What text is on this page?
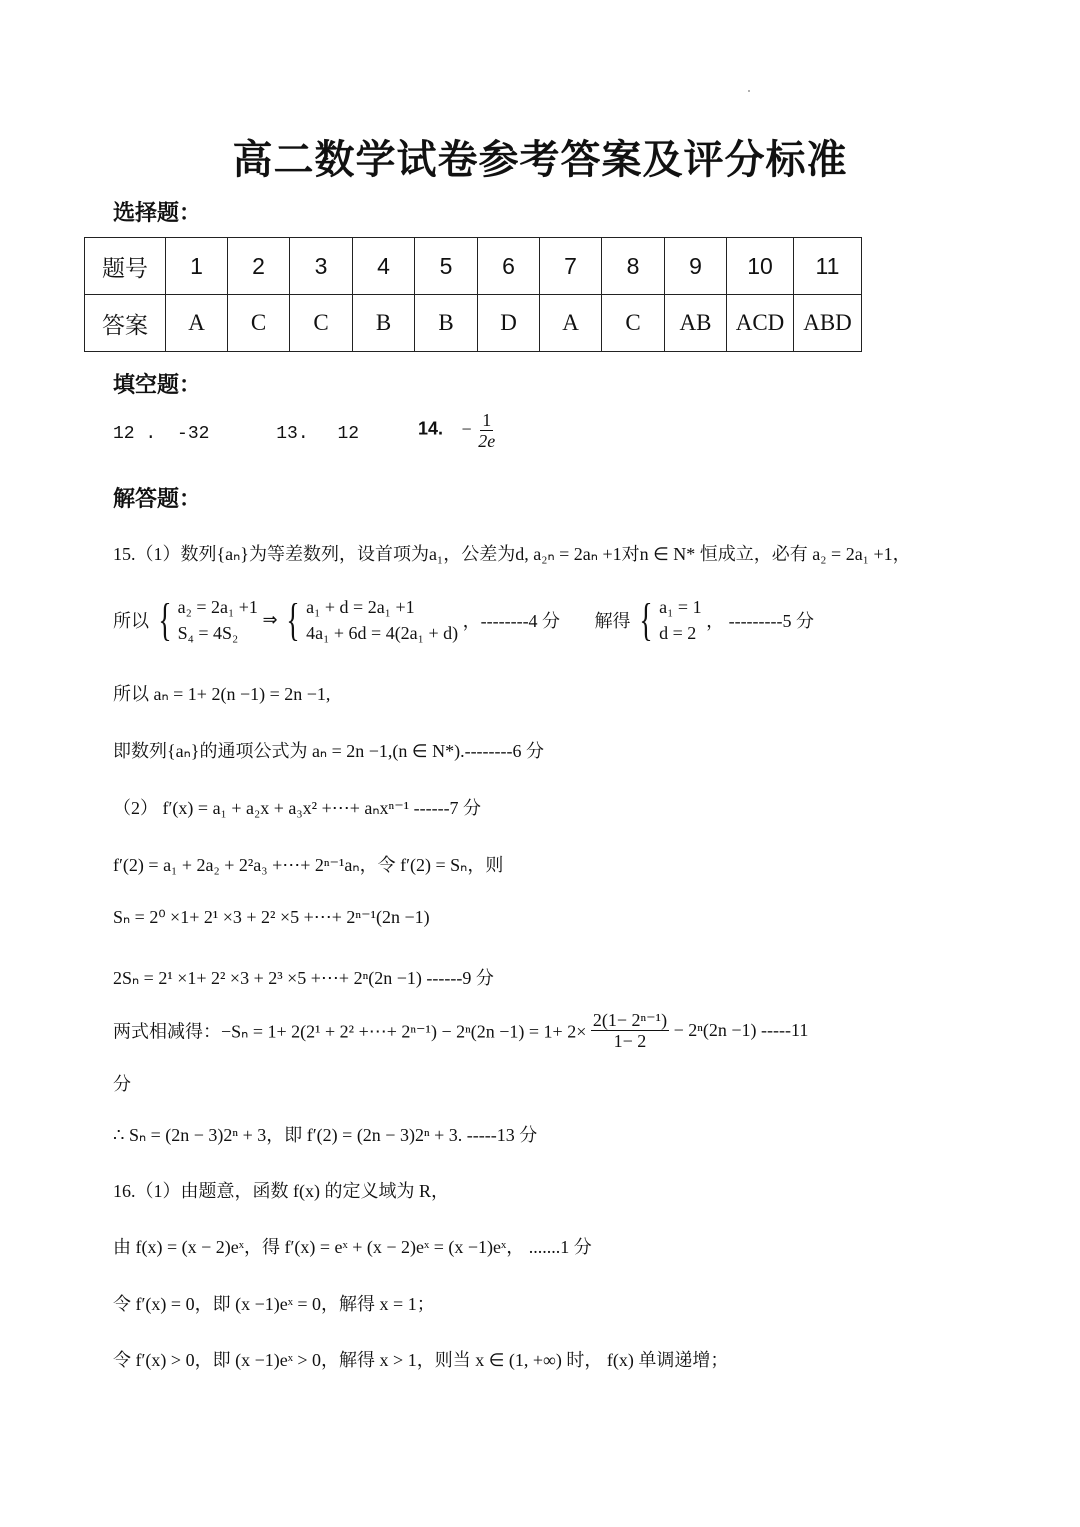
高二数学试卷参考答案及评分标准
选择题：
题号	1	2	3	4	5	6	7	8	9	10	11
答案	A	C	C	B	B	D	A	C	AB	ACD	ABD
填空题：
12 . -32	13. 12	14. − $\frac{1}{2e}$
解答题：
15.（1）数列{aₙ}为等差数列，设首项为a₁，公差为d, a₂ₙ = 2aₙ +1对n ∈ N* 恒成立，必有 a₂ = 2a₁ +1，
所以 { a₂ = 2a₁ +1
S₄ = 4S₂
⇒ { a₁ + d = 2a₁ +1
4a₁ + 6d = 4(2a₁ + d)
，--------4 分 解得 { a₁ = 1
d = 2
， ---------5 分
所以 aₙ = 1+ 2(n −1) = 2n −1,
即数列{aₙ}的通项公式为 aₙ = 2n −1,(n ∈ N*).--------6 分
（2） f′(x) = a₁ + a₂x + a₃x² +⋯+ aₙxⁿ⁻¹ ------7 分
f′(2) = a₁ + 2a₂ + 2²a₃ +⋯+ 2ⁿ⁻¹aₙ，令 f′(2) = Sₙ，则
Sₙ = 2⁰ ×1+ 2¹ ×3 + 2² ×5 +⋯+ 2ⁿ⁻¹(2n −1)
2Sₙ = 2¹ ×1+ 2² ×3 + 2³ ×5 +⋯+ 2ⁿ(2n −1) ------9 分
两式相减得：−Sₙ = 1+ 2(2¹ + 2² +⋯+ $2^{n-1}) - 2^n(2n -1) = 1+ 2\times \frac{\text{2(1− 2ⁿ⁻¹)}}{1- 2} - 2^n(2n -1)$ -----11
分
∴ Sₙ = (2n − 3)2ⁿ + 3，即 f′(2) = (2n − 3)2ⁿ + 3. -----13 分
16.（1）由题意，函数 f(x) 的定义域为 R，
由 f(x) = (x − 2)eˣ，得 f′(x) = eˣ + (x − 2)eˣ = (x −1)eˣ， .......1 分
令 f′(x) = 0，即 (x −1)eˣ = 0，解得 x = 1；
令 f′(x) > 0，即 (x −1)eˣ > 0，解得 x > 1，则当 x ∈ (1, +∞) 时， f(x) 单调递增；
